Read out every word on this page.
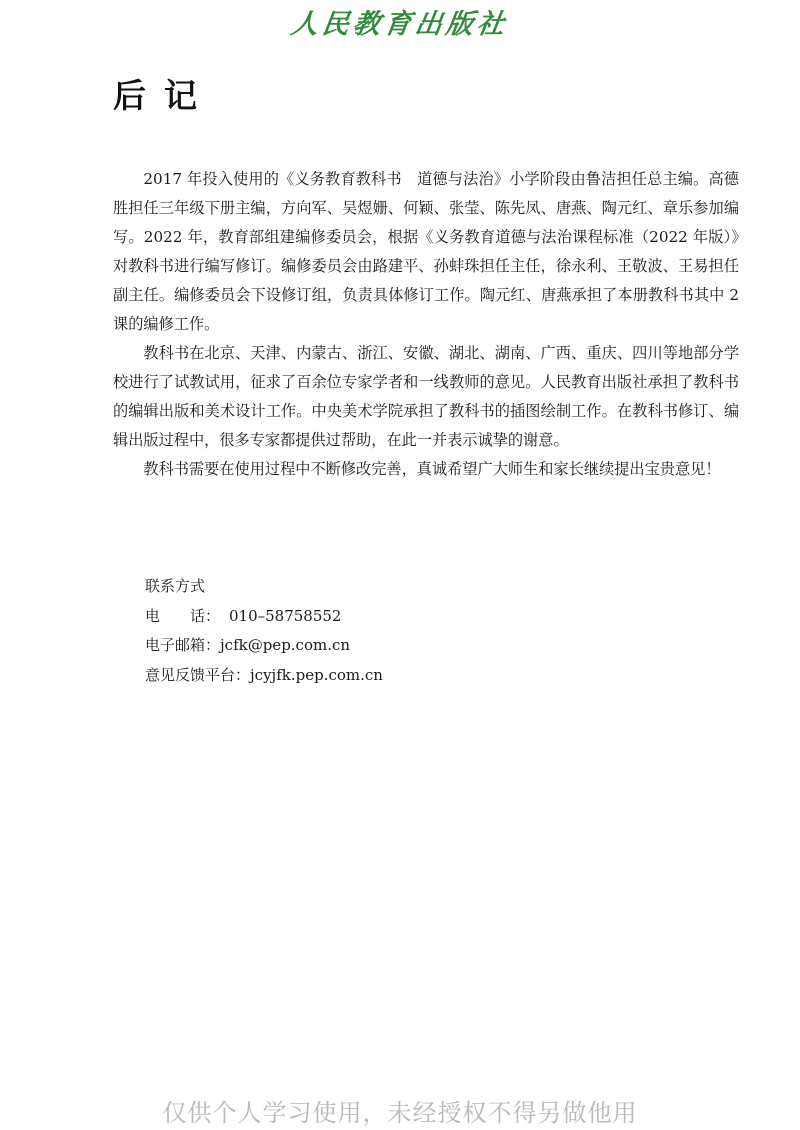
人民教育出版社
后记

2017 年投入使用的《义务教育教科书　道德与法治》小学阶段由鲁洁担任总主编。高德胜担任三年级下册主编，方向军、吴煜姗、何颖、张莹、陈先凤、唐燕、陶元红、章乐参加编写。2022 年，教育部组建编修委员会，根据《义务教育道德与法治课程标准（2022 年版）》对教科书进行编写修订。编修委员会由路建平、孙蚌珠担任主任，徐永利、王敬波、王易担任副主任。编修委员会下设修订组，负责具体修订工作。陶元红、唐燕承担了本册教科书其中 2 课的编修工作。

教科书在北京、天津、内蒙古、浙江、安徽、湖北、湖南、广西、重庆、四川等地部分学校进行了试教试用，征求了百余位专家学者和一线教师的意见。人民教育出版社承担了教科书的编辑出版和美术设计工作。中央美术学院承担了教科书的插图绘制工作。在教科书修订、编辑出版过程中，很多专家都提供过帮助，在此一并表示诚挚的谢意。

教科书需要在使用过程中不断修改完善，真诚希望广大师生和家长继续提出宝贵意见！

联系方式
电　　话： 010–58758552
电子邮箱：jcfk@pep.com.cn
意见反馈平台：jcyjfk.pep.com.cn
仅供个人学习使用，未经授权不得另做他用
